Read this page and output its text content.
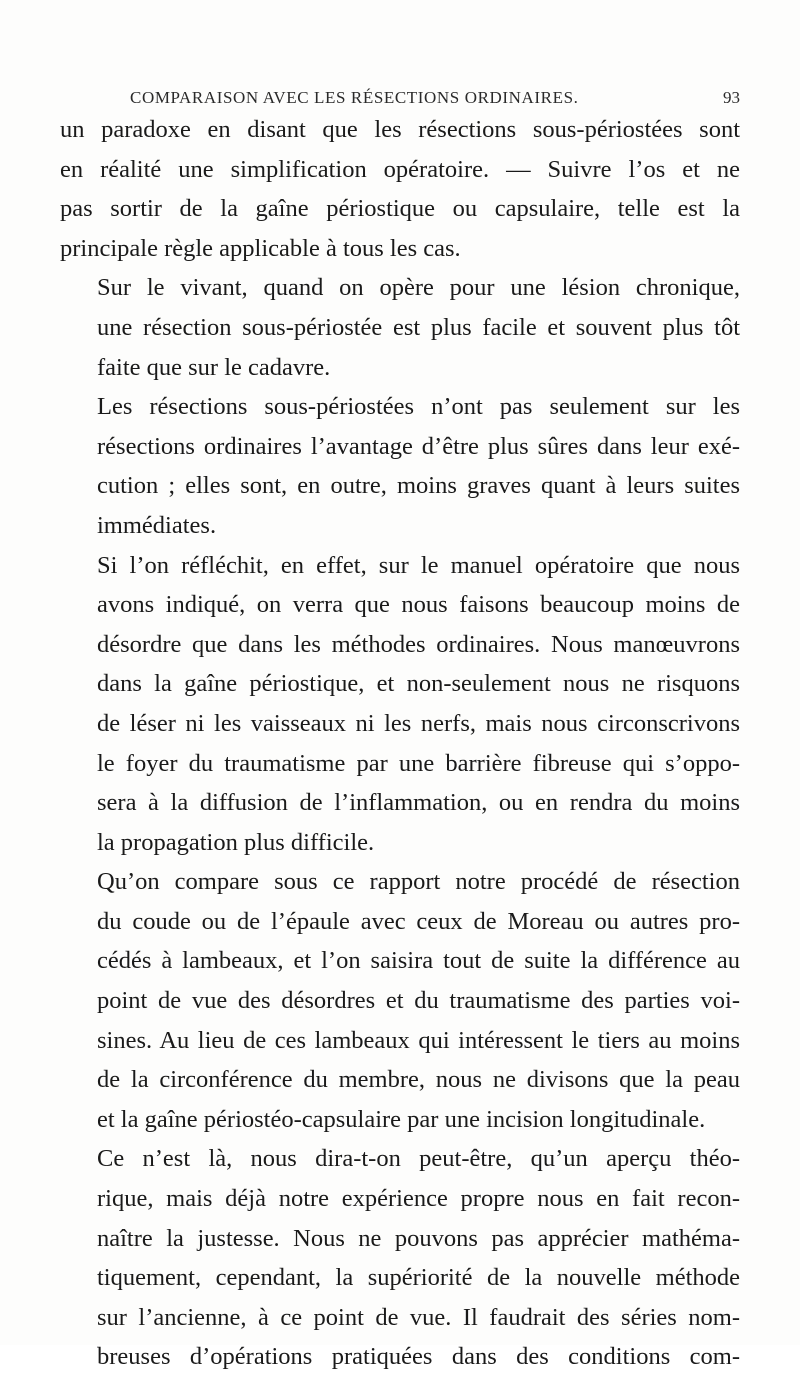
COMPARAISON AVEC LES RÉSECTIONS ORDINAIRES.	93

un paradoxe en disant que les résections sous-périostées sont
en réalité une simplification opératoire. — Suivre l’os et ne
pas sortir de la gaîne périostique ou capsulaire, telle est la
principale règle applicable à tous les cas.

Sur le vivant, quand on opère pour une lésion chronique,
une résection sous-périostée est plus facile et souvent plus tôt
faite que sur le cadavre.

Les résections sous-périostées n’ont pas seulement sur les
résections ordinaires l’avantage d’être plus sûres dans leur exé-
cution ; elles sont, en outre, moins graves quant à leurs suites
immédiates.

Si l’on réfléchit, en effet, sur le manuel opératoire que nous
avons indiqué, on verra que nous faisons beaucoup moins de
désordre que dans les méthodes ordinaires. Nous manœuvrons
dans la gaîne périostique, et non-seulement nous ne risquons
de léser ni les vaisseaux ni les nerfs, mais nous circonscrivons
le foyer du traumatisme par une barrière fibreuse qui s’oppo-
sera à la diffusion de l’inflammation, ou en rendra du moins
la propagation plus difficile.

Qu’on compare sous ce rapport notre procédé de résection
du coude ou de l’épaule avec ceux de Moreau ou autres pro-
cédés à lambeaux, et l’on saisira tout de suite la différence au
point de vue des désordres et du traumatisme des parties voi-
sines. Au lieu de ces lambeaux qui intéressent le tiers au moins
de la circonférence du membre, nous ne divisons que la peau
et la gaîne périostéo-capsulaire par une incision longitudinale.

Ce n’est là, nous dira-t-on peut-être, qu’un aperçu théo-
rique, mais déjà notre expérience propre nous en fait recon-
naître la justesse. Nous ne pouvons pas apprécier mathéma-
tiquement, cependant, la supériorité de la nouvelle méthode
sur l’ancienne, à ce point de vue. Il faudrait des séries nom-
breuses d’opérations pratiquées dans des conditions com-
